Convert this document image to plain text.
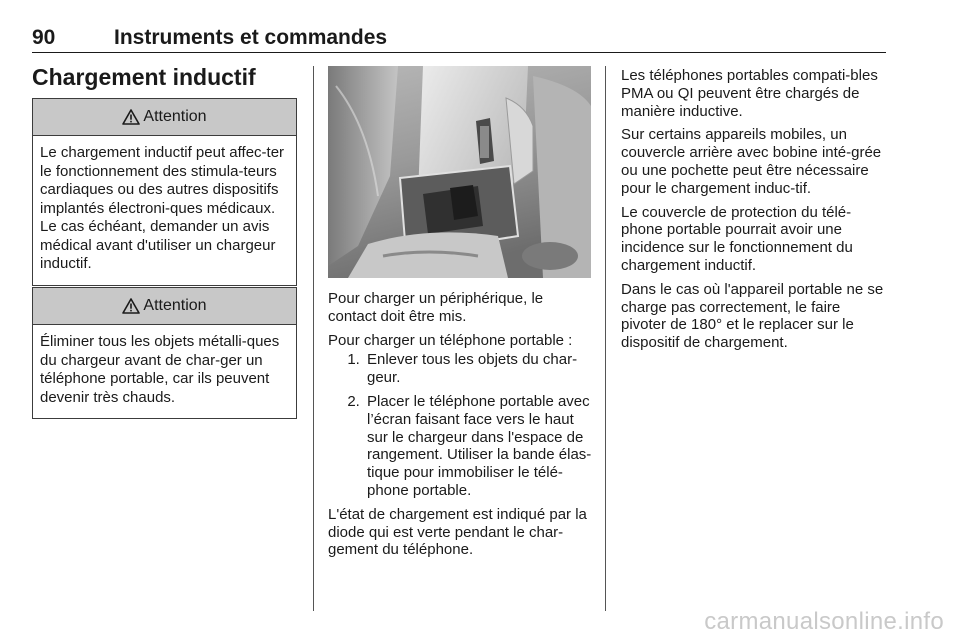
90	Instruments et commandes
Chargement inductif
Attention
Le chargement inductif peut affec-ter le fonctionnement des stimula-teurs cardiaques ou des autres dispositifs implantés électroni-ques médicaux. Le cas échéant, demander un avis médical avant d'utiliser un chargeur inductif.
Attention
Éliminer tous les objets métalli-ques du chargeur avant de char-ger un téléphone portable, car ils peuvent devenir très chauds.

Pour charger un périphérique, le contact doit être mis.

Pour charger un téléphone portable :

1. Enlever tous les objets du char-geur.
2. Placer le téléphone portable avec l’écran faisant face vers le haut sur le chargeur dans l'espace de rangement. Utiliser la bande élas-tique pour immobiliser le télé-phone portable.

L'état de chargement est indiqué par la diode qui est verte pendant le char-gement du téléphone.

Les téléphones portables compati-bles PMA ou QI peuvent être chargés de manière inductive.

Sur certains appareils mobiles, un couvercle arrière avec bobine inté-grée ou une pochette peut être nécessaire pour le chargement induc-tif.

Le couvercle de protection du télé-phone portable pourrait avoir une incidence sur le fonctionnement du chargement inductif.

Dans le cas où l'appareil portable ne se charge pas correctement, le faire pivoter de 180° et le replacer sur le dispositif de chargement.

carmanualsonline.info
